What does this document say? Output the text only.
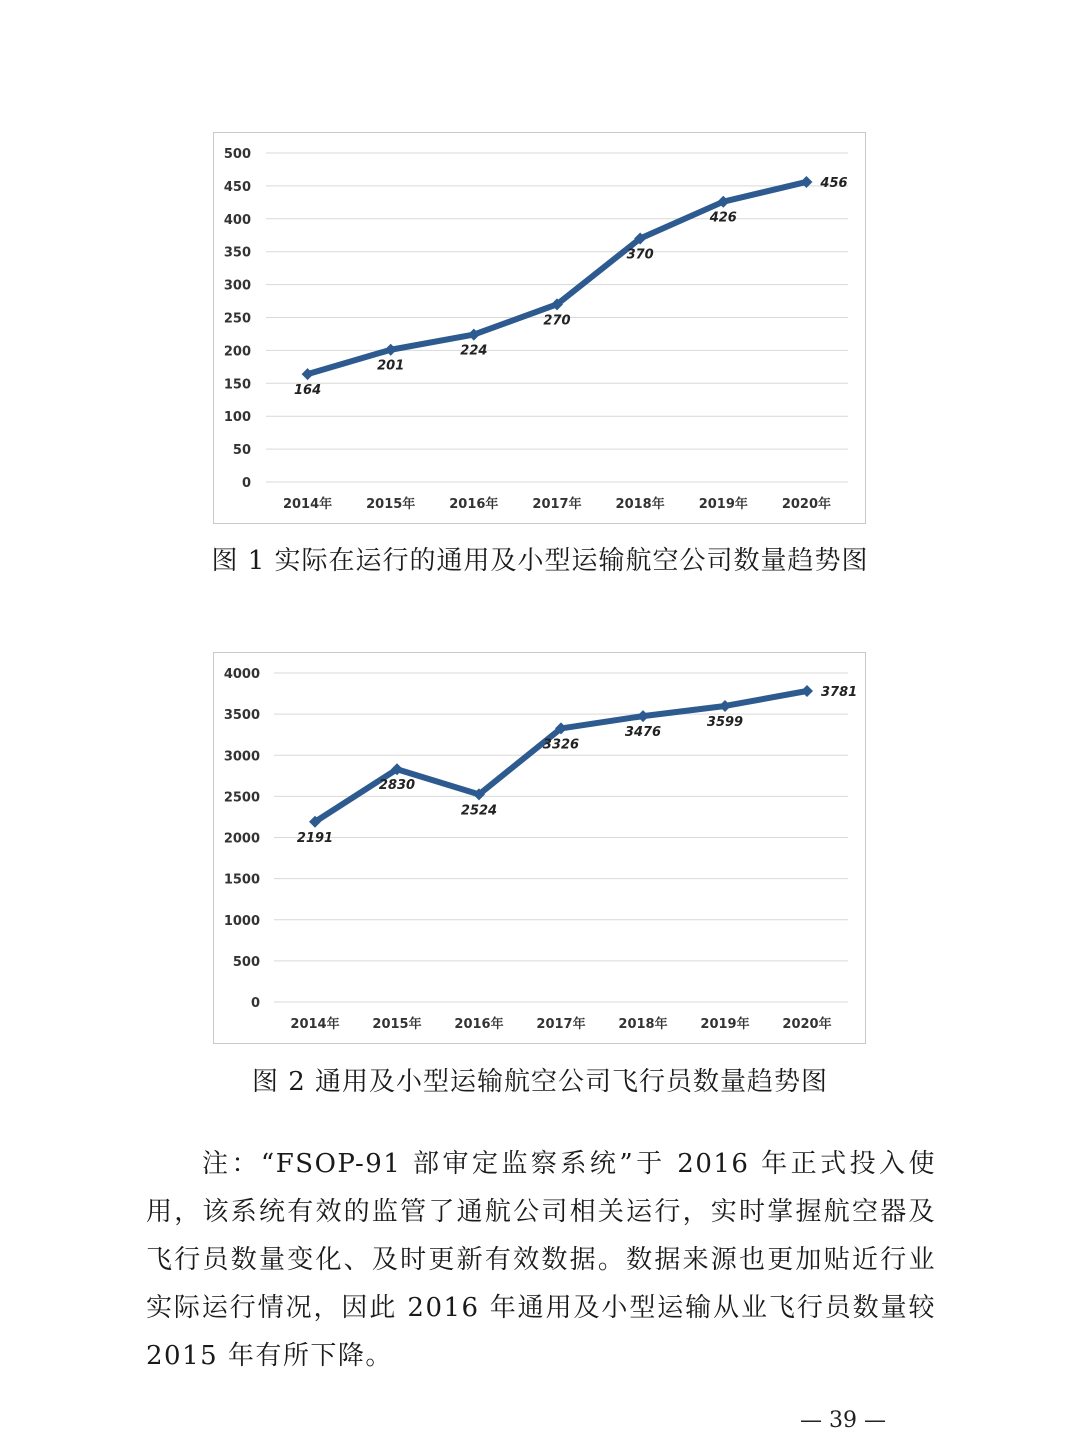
0
50
100
150
200
250
300
350
400
450
500
2014年	2015年	2016年	2017年	2018年	2019年	2020年
164
201
224
270
370
426
456
图 1 实际在运行的通用及小型运输航空公司数量趋势图
0
500
1000
1500
2000
2500
3000
3500
4000
2014年	2015年	2016年	2017年	2018年	2019年	2020年
2191
2830
2524
3326
3476
3599
3781
图 2 通用及小型运输航空公司飞行员数量趋势图
注：“FSOP-91 部审定监察系统”于 2016 年正式投入使用，该系统有效的监管了通航公司相关运行，实时掌握航空器及飞行员数量变化、及时更新有效数据。数据来源也更加贴近行业实际运行情况，因此 2016 年通用及小型运输从业飞行员数量较 2015 年有所下降。
— 39 —
